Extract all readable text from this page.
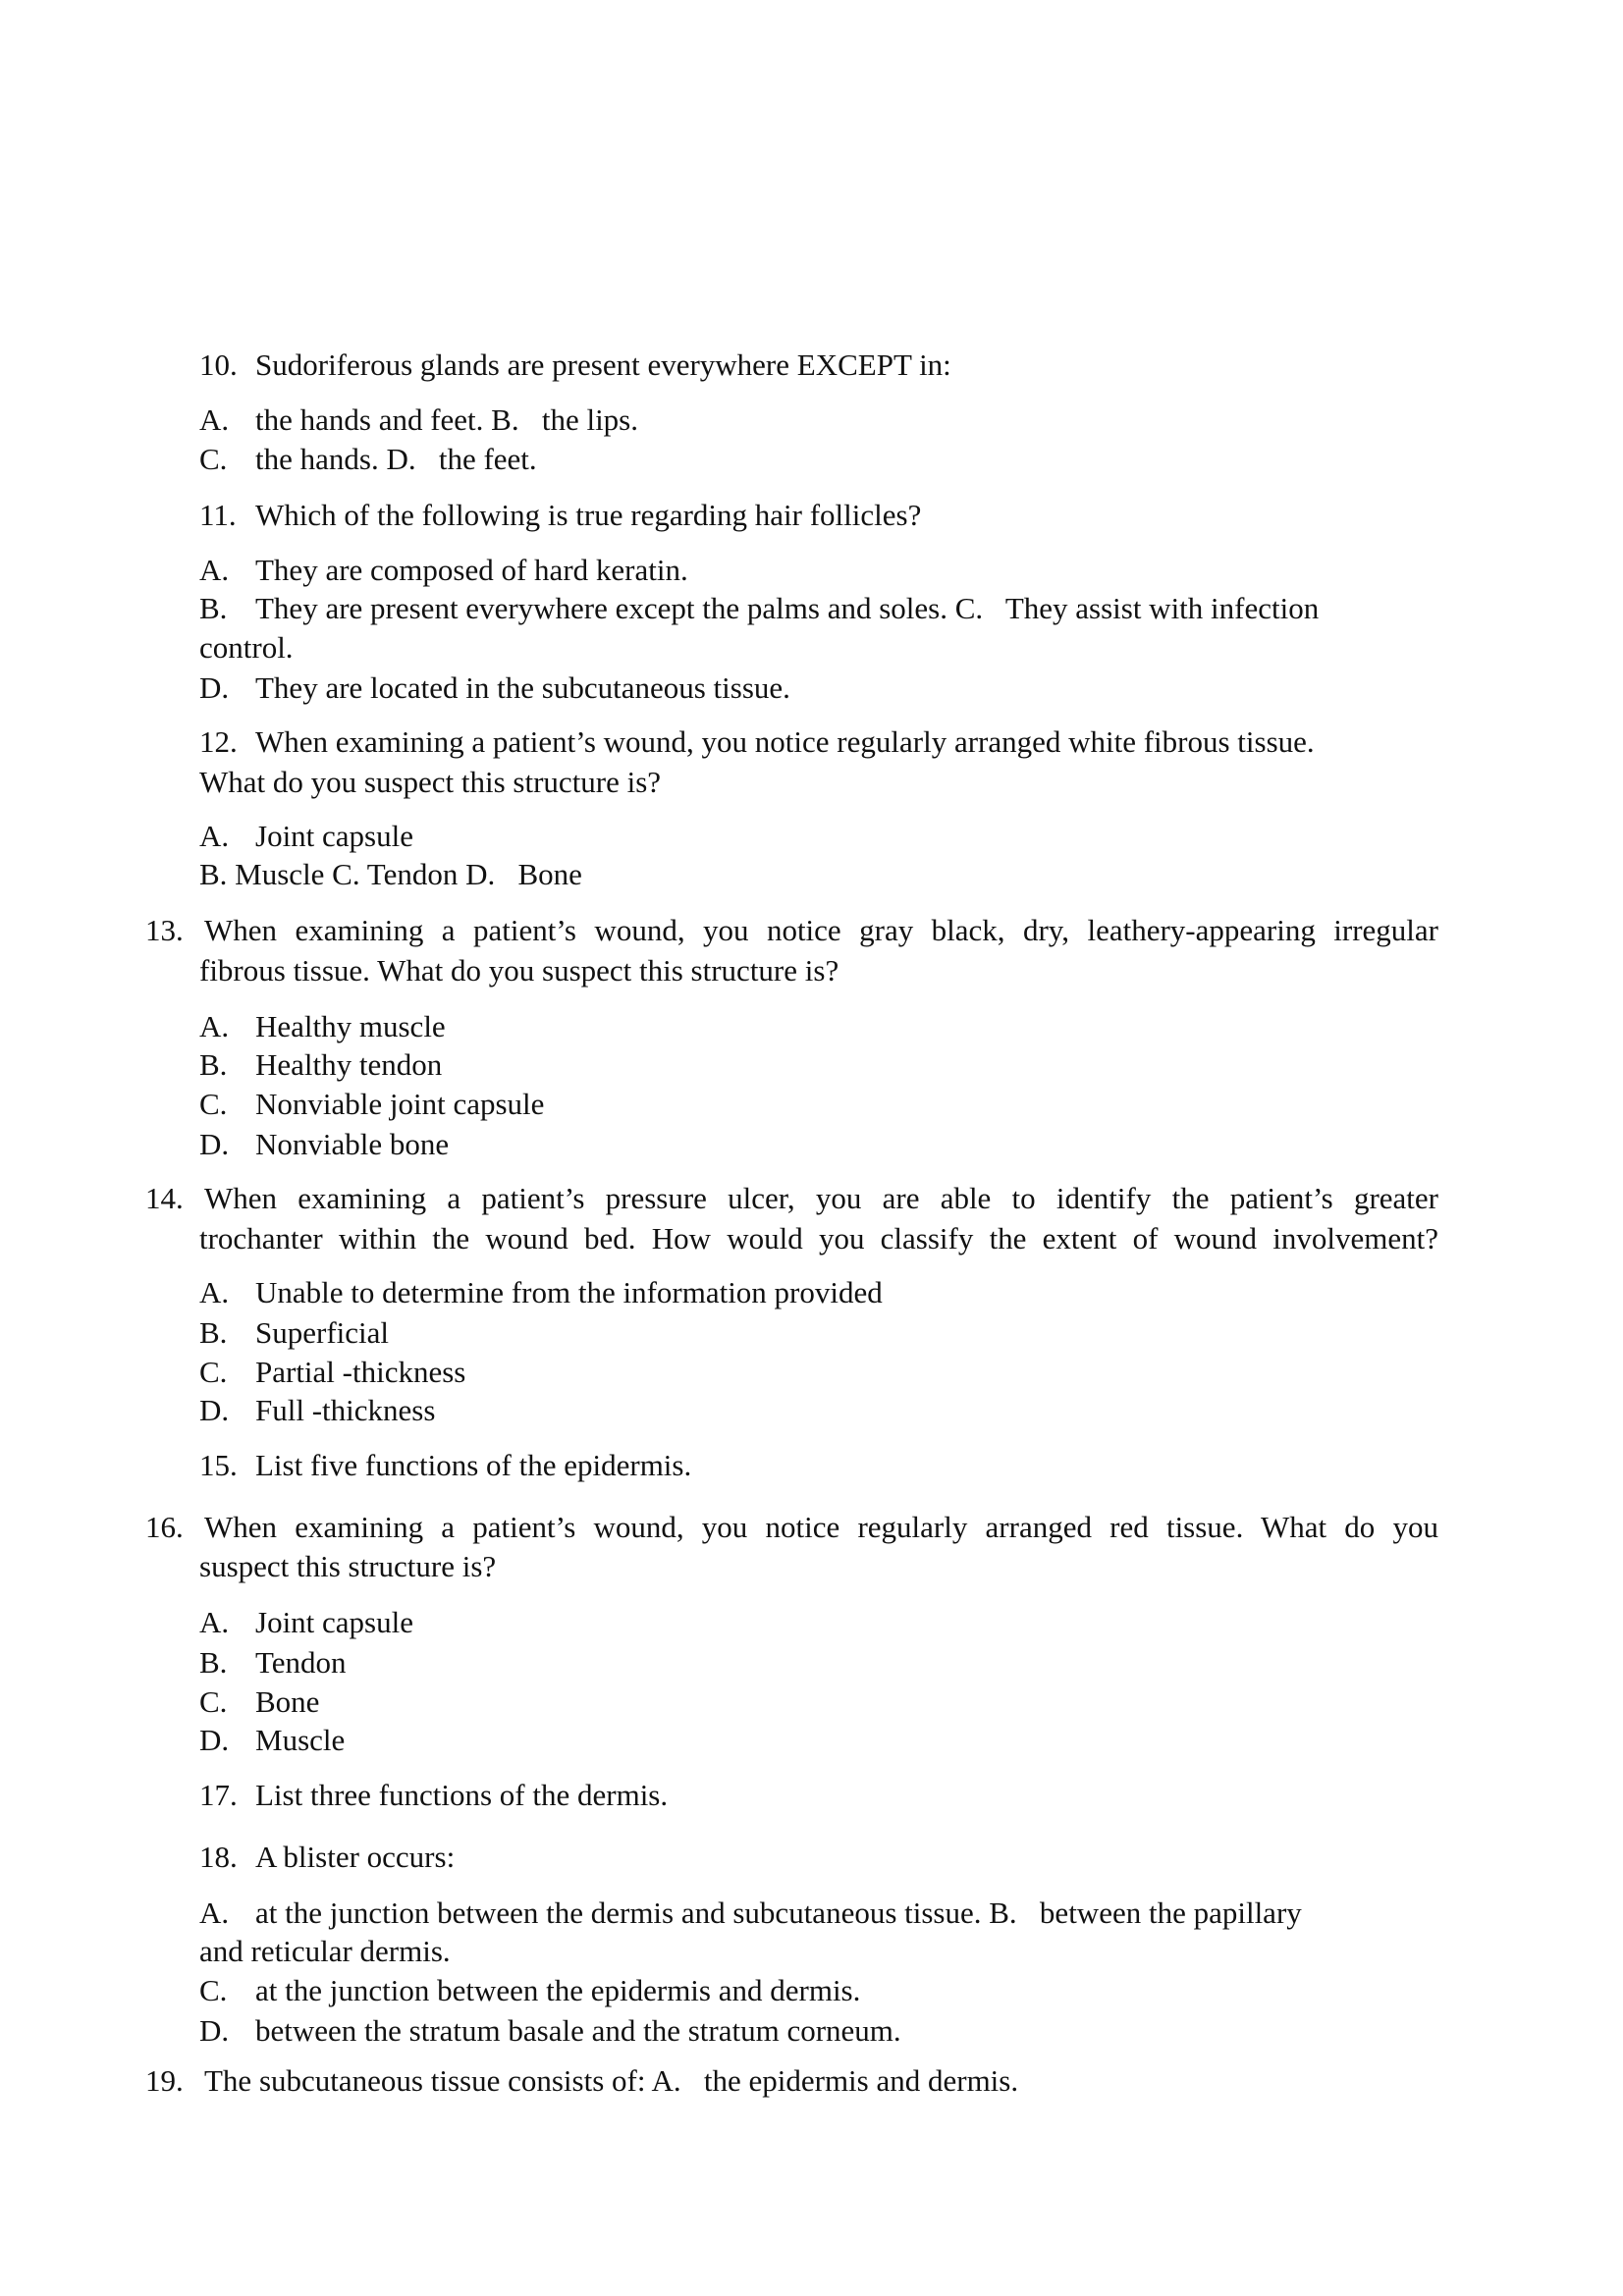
10. Sudoriferous glands are present everywhere EXCEPT in:
A. the hands and feet. B.   the lips.
C. the hands. D.   the feet.
11. Which of the following is true regarding hair follicles?
A. They are composed of hard keratin.
B. They are present everywhere except the palms and soles. C.   They assist with infection
control.
D. They are located in the subcutaneous tissue.
12. When examining a patient’s wound, you notice regularly arranged white fibrous tissue.
What do you suspect this structure is?
A. Joint capsule
B. Muscle C. Tendon D.   Bone
13. When examining a patient’s wound, you notice gray black, dry, leathery-appearing irregular
fibrous tissue. What do you suspect this structure is?
A. Healthy muscle
B. Healthy tendon
C. Nonviable joint capsule
D. Nonviable bone
14. When examining a patient’s pressure ulcer, you are able to identify the patient’s greater
trochanter within the wound bed. How would you classify the extent of wound involvement?
A. Unable to determine from the information provided
B. Superficial
C. Partial -thickness
D. Full -thickness
15. List five functions of the epidermis.
16. When examining a patient’s wound, you notice regularly arranged red tissue. What do you
suspect this structure is?
A. Joint capsule
B. Tendon
C. Bone
D. Muscle
17. List three functions of the dermis.
18. A blister occurs:
A. at the junction between the dermis and subcutaneous tissue. B.   between the papillary
and reticular dermis.
C. at the junction between the epidermis and dermis.
D. between the stratum basale and the stratum corneum.
19. The subcutaneous tissue consists of: A.   the epidermis and dermis.
